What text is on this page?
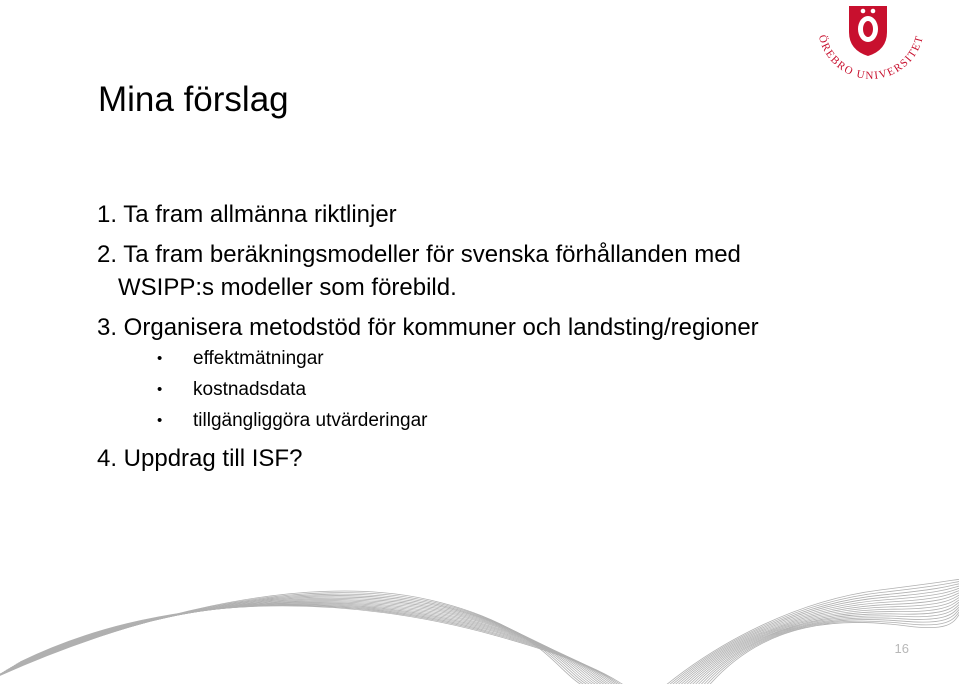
ÖREBRO UNIVERSITET
Mina förslag
1. Ta fram allmänna riktlinjer
2. Ta fram beräkningsmodeller för svenska förhållanden med
WSIPP:s modeller som förebild.
3. Organisera metodstöd för kommuner och landsting/regioner
• effektmätningar
• kostnadsdata
• tillgängliggöra utvärderingar
4. Uppdrag till ISF?
16
